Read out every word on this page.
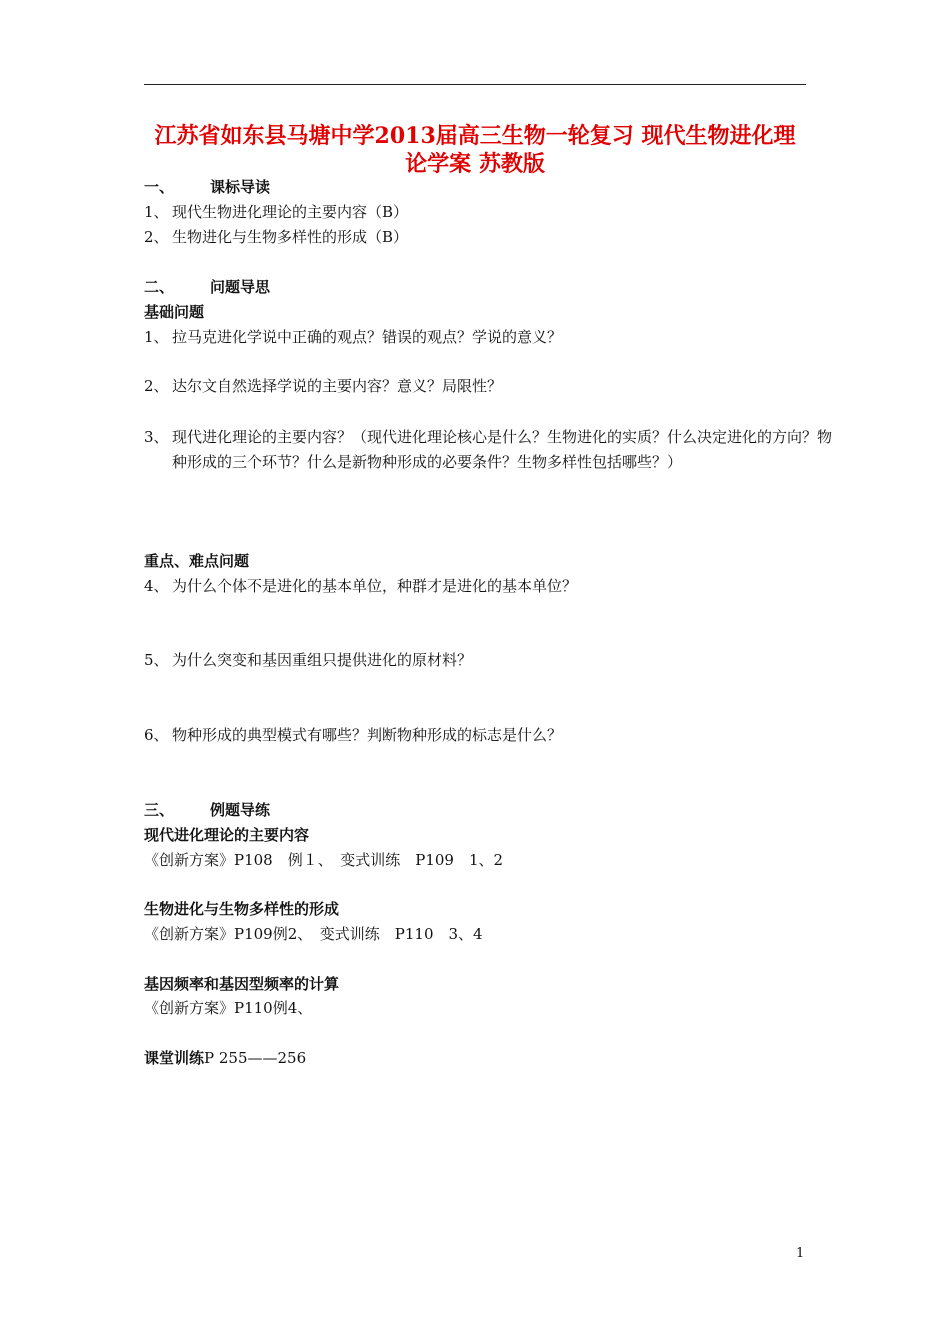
江苏省如东县马塘中学2013届高三生物一轮复习 现代生物进化理论学案 苏教版
一、 课标导读
1、 现代生物进化理论的主要内容（B）
2、 生物进化与生物多样性的形成（B）
二、 问题导思
基础问题
1、 拉马克进化学说中正确的观点？错误的观点？学说的意义？
2、 达尔文自然选择学说的主要内容？意义？局限性？
3、 现代进化理论的主要内容？（现代进化理论核心是什么？生物进化的实质？什么决定进化的方向？物种形成的三个环节？什么是新物种形成的必要条件？生物多样性包括哪些？）
重点、难点问题
4、 为什么个体不是进化的基本单位，种群才是进化的基本单位？
5、 为什么突变和基因重组只提供进化的原材料？
6、 物种形成的典型模式有哪些？判断物种形成的标志是什么？
三、 例题导练
现代进化理论的主要内容
《创新方案》P108　例１、　变式训练　P109　1、2
生物进化与生物多样性的形成
《创新方案》P109例2、　变式训练　P110　3、4
基因频率和基因型频率的计算
《创新方案》P110例4、
课堂训练P 255——256
1
